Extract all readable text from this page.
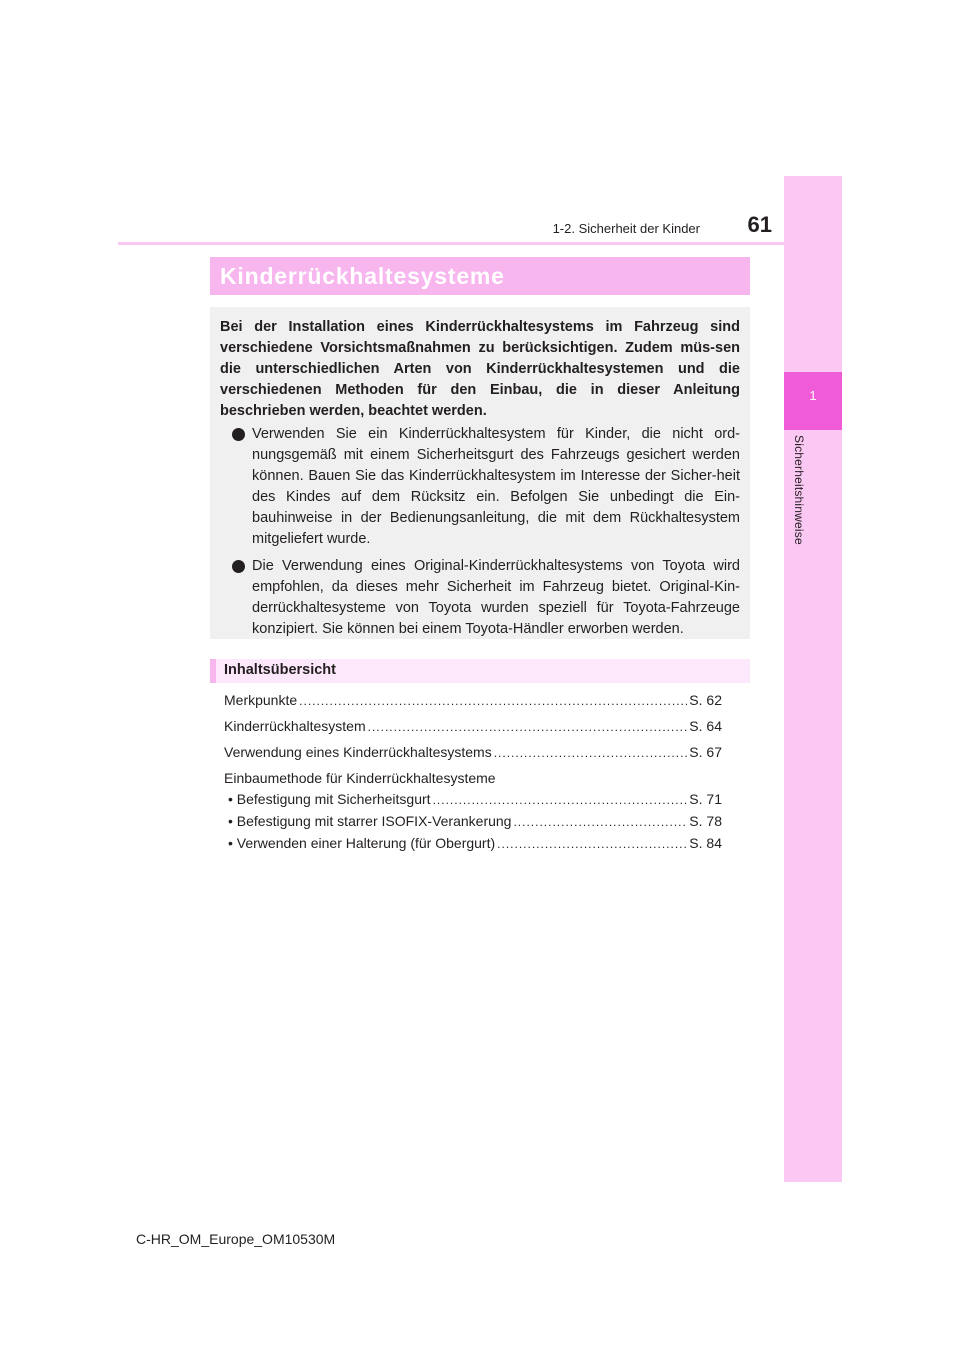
1
Sicherheitshinweise
1-2. Sicherheit der Kinder	61
Kinderrückhaltesysteme

Bei der Installation eines Kinderrückhaltesystems im Fahrzeug sind verschiedene Vorsichtsmaßnahmen zu berücksichtigen. Zudem müs-sen die unterschiedlichen Arten von Kinderrückhaltesystemen und die verschiedenen Methoden für den Einbau, die in dieser Anleitung beschrieben werden, beachtet werden.

Verwenden Sie ein Kinderrückhaltesystem für Kinder, die nicht ord-nungsgemäß mit einem Sicherheitsgurt des Fahrzeugs gesichert werden können. Bauen Sie das Kinderrückhaltesystem im Interesse der Sicher-heit des Kindes auf dem Rücksitz ein. Befolgen Sie unbedingt die Ein-bauhinweise in der Bedienungsanleitung, die mit dem Rückhaltesystem mitgeliefert wurde.
Die Verwendung eines Original-Kinderrückhaltesystems von Toyota wird empfohlen, da dieses mehr Sicherheit im Fahrzeug bietet. Original-Kin-derrückhaltesysteme von Toyota wurden speziell für Toyota-Fahrzeuge konzipiert. Sie können bei einem Toyota-Händler erworben werden.
Inhaltsübersicht
Merkpunkte .....	S. 62
Kinderrückhaltesystem .....	S. 64
Verwendung eines Kinderrückhaltesystems .....	S. 67
Einbaumethode für Kinderrückhaltesysteme
• Befestigung mit Sicherheitsgurt .....	S. 71
• Befestigung mit starrer ISOFIX-Verankerung .....	S. 78
• Verwenden einer Halterung (für Obergurt) .....	S. 84
C-HR_OM_Europe_OM10530M
